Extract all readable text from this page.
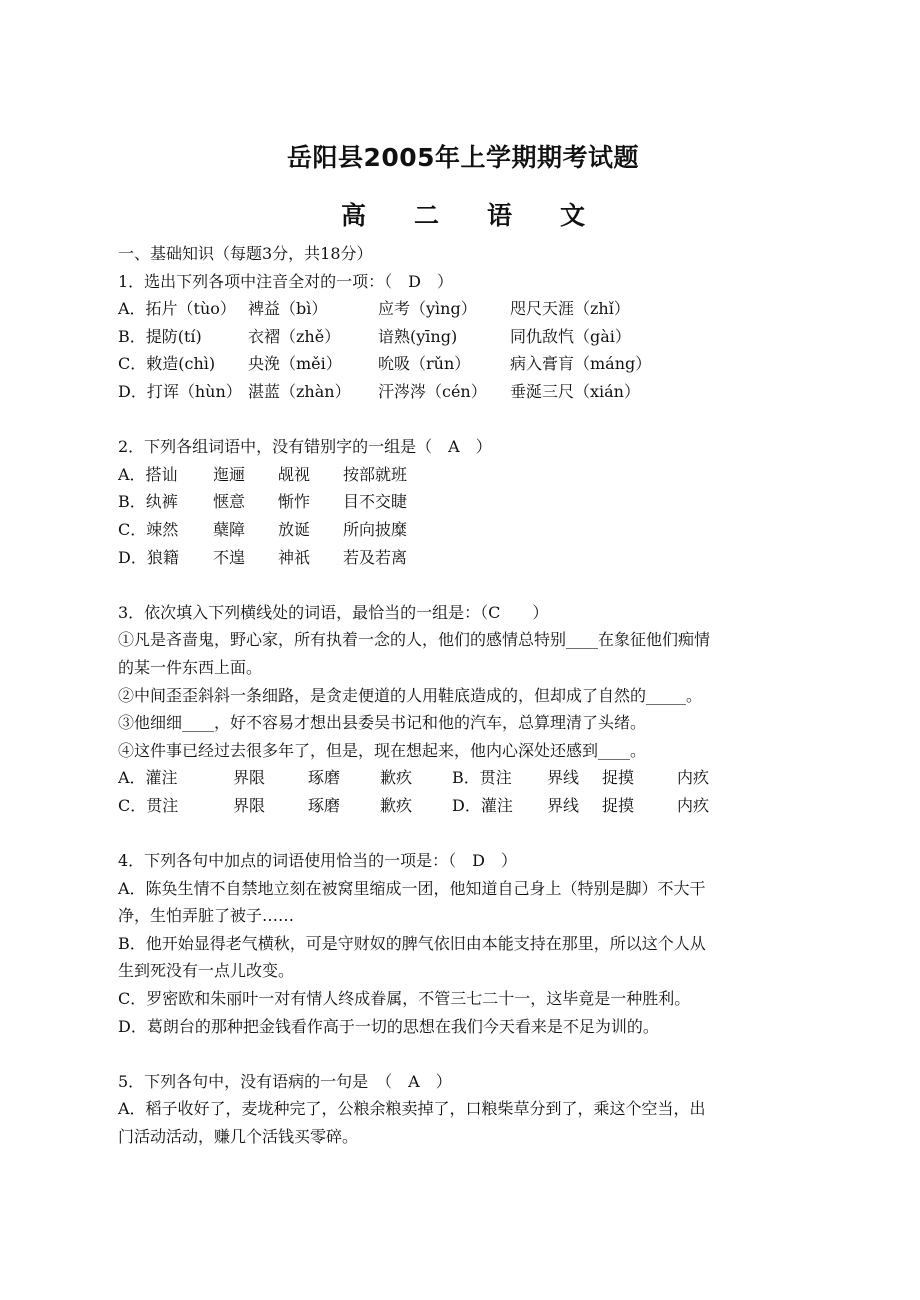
岳阳县2005年上学期期考试题
高 二 语 文
一、基础知识（每题3分，共18分）
1．选出下列各项中注音全对的一项：（　D　）
A．拓片（tùo） 裨益（bì）	应考（yìng）	咫尺天涯（zhǐ）
B．提防(tí)	衣褶（zhě）	谙熟(yīng)	同仇敌忾（gài）
C．敕造(chì)	央浼（měi）	吮吸（rǔn）	病入膏肓（máng）
D．打诨（hùn） 湛蓝（zhàn）	汗涔涔（cén）	垂涎三尺（xián）
2．下列各组词语中，没有错别字的一组是（　A　）
A．搭讪	迤逦	觇视	按部就班
B．纨裤	惬意	惭怍	目不交睫
C．竦然	蘖障	放诞	所向披糜
D．狼籍	不遑	神祇	若及若离
3．依次填入下列横线处的词语，最恰当的一组是：（C　　）
①凡是吝啬鬼，野心家，所有执着一念的人，他们的感情总特别____在象征他们痴情
的某一件东西上面。
②中间歪歪斜斜一条细路，是贪走便道的人用鞋底造成的，但却成了自然的_____。
③他细细____，好不容易才想出县委吴书记和他的汽车，总算理清了头绪。
④这件事已经过去很多年了，但是，现在想起来，他内心深处还感到____。
A．灌注	界限	琢磨	歉疚	B．贯注	界线	捉摸	内疚
C．贯注	界限	琢磨	歉疚	D．灌注	界线	捉摸	内疚
4．下列各句中加点的词语使用恰当的一项是：（　D　）
A．陈奂生情不自禁地立刻在被窝里缩成一团，他知道自己身上（特别是脚）不大干
净，生怕弄脏了被子……
B．他开始显得老气横秋，可是守财奴的脾气依旧由本能支持在那里，所以这个人从
生到死没有一点儿改变。
C．罗密欧和朱丽叶一对有情人终成眷属，不管三七二十一，这毕竟是一种胜利。
D．葛朗台的那种把金钱看作高于一切的思想在我们今天看来是不足为训的。
5．下列各句中，没有语病的一句是　（　A　）
A．稻子收好了，麦垅种完了，公粮余粮卖掉了，口粮柴草分到了，乘这个空当，出
门活动活动，赚几个活钱买零碎。
